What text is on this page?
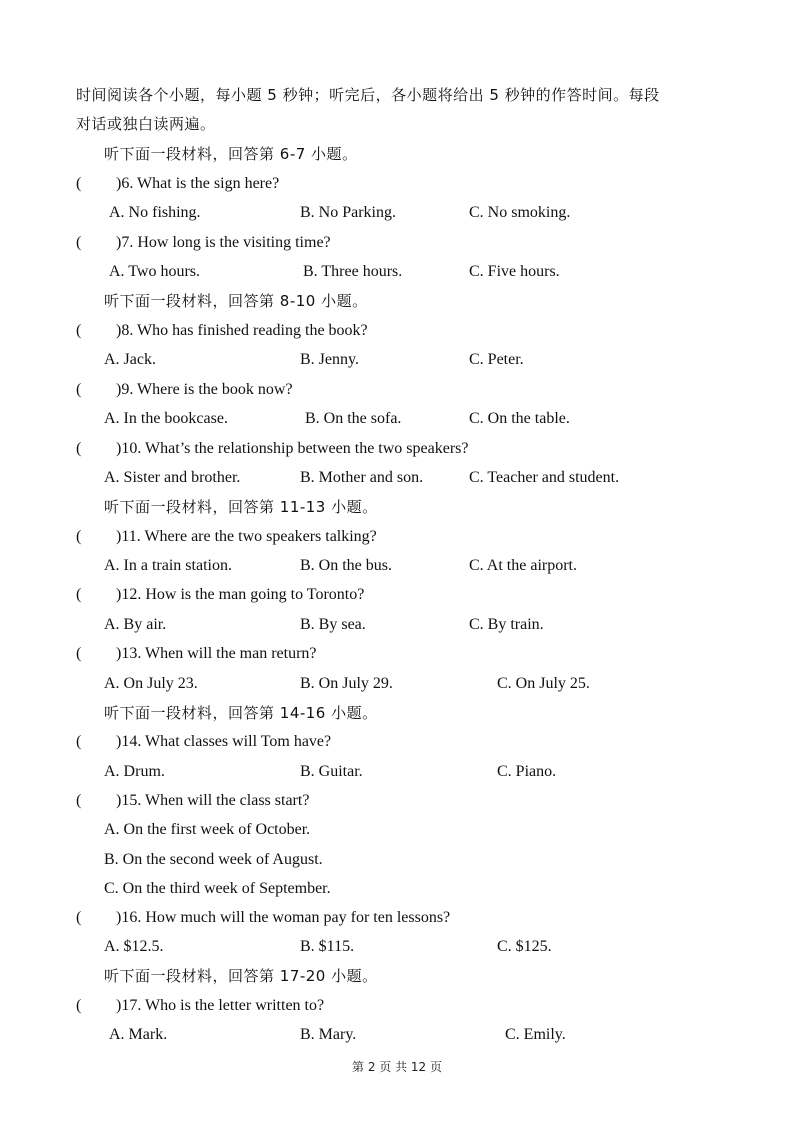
时间阅读各个小题，每小题 5 秒钟；听完后，各小题将给出 5 秒钟的作答时间。每段
对话或独白读两遍。
听下面一段材料，回答第 6-7 小题。
( )6. What is the sign here?
A. No fishing.	B. No Parking.	C. No smoking.
( )7. How long is the visiting time?
A. Two hours.	B. Three hours.	C. Five hours.
听下面一段材料，回答第 8-10 小题。
( )8. Who has finished reading the book?
A. Jack.	B. Jenny.	C. Peter.
( )9. Where is the book now?
A. In the bookcase.	B. On the sofa.	C. On the table.
( )10. What’s the relationship between the two speakers?
A. Sister and brother.	B. Mother and son.	C. Teacher and student.
听下面一段材料，回答第 11-13 小题。
( )11. Where are the two speakers talking?
A. In a train station.	B. On the bus.	C. At the airport.
( )12. How is the man going to Toronto?
A. By air.	B. By sea.	C. By train.
( )13. When will the man return?
A. On July 23.	B. On July 29.	C. On July 25.
听下面一段材料，回答第 14-16 小题。
( )14. What classes will Tom have?
A. Drum.	B. Guitar.	C. Piano.
( )15. When will the class start?
A. On the first week of October.
B. On the second week of August.
C. On the third week of September.
( )16. How much will the woman pay for ten lessons?
A. $12.5.	B. $115.	C. $125.
听下面一段材料，回答第 17-20 小题。
( )17. Who is the letter written to?
A. Mark.	B. Mary.	C. Emily.
第 2 页 共 12 页
